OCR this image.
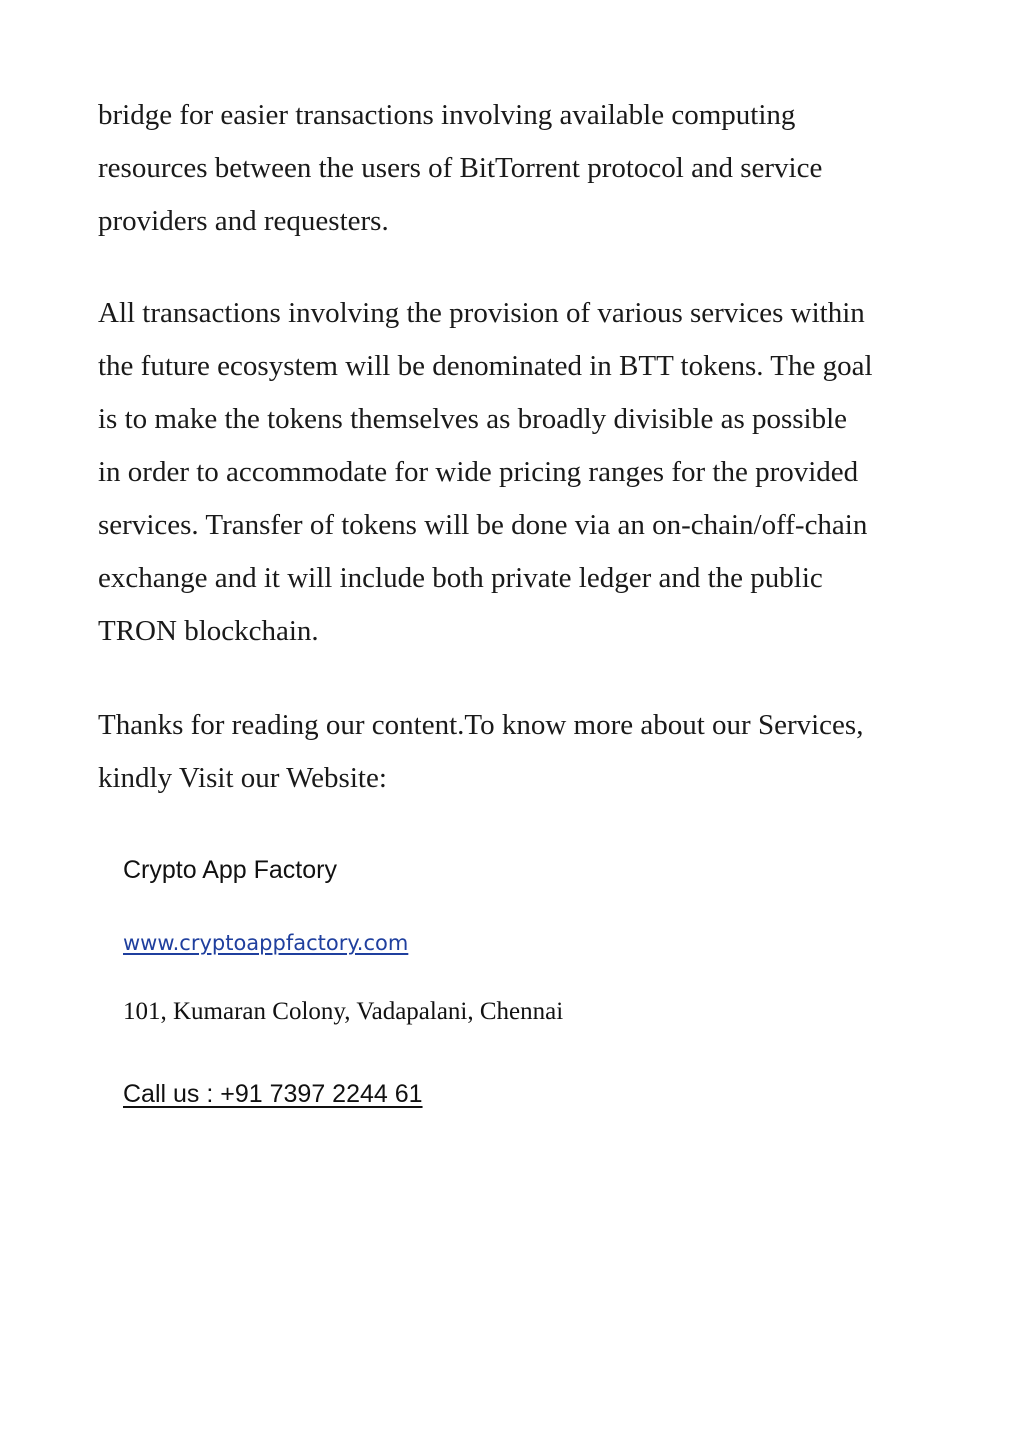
bridge for easier transactions involving available computing
resources between the users of BitTorrent protocol and service
providers and requesters.
All transactions involving the provision of various services within
the future ecosystem will be denominated in BTT tokens. The goal
is to make the tokens themselves as broadly divisible as possible
in order to accommodate for wide pricing ranges for the provided
services. Transfer of tokens will be done via an on-chain/off-chain
exchange and it will include both private ledger and the public
TRON blockchain.
Thanks for reading our content.To know more about our Services,
kindly Visit our Website:
Crypto App Factory
www.cryptoappfactory.com
101, Kumaran Colony, Vadapalani, Chennai
Call us : +91 7397 2244 61
